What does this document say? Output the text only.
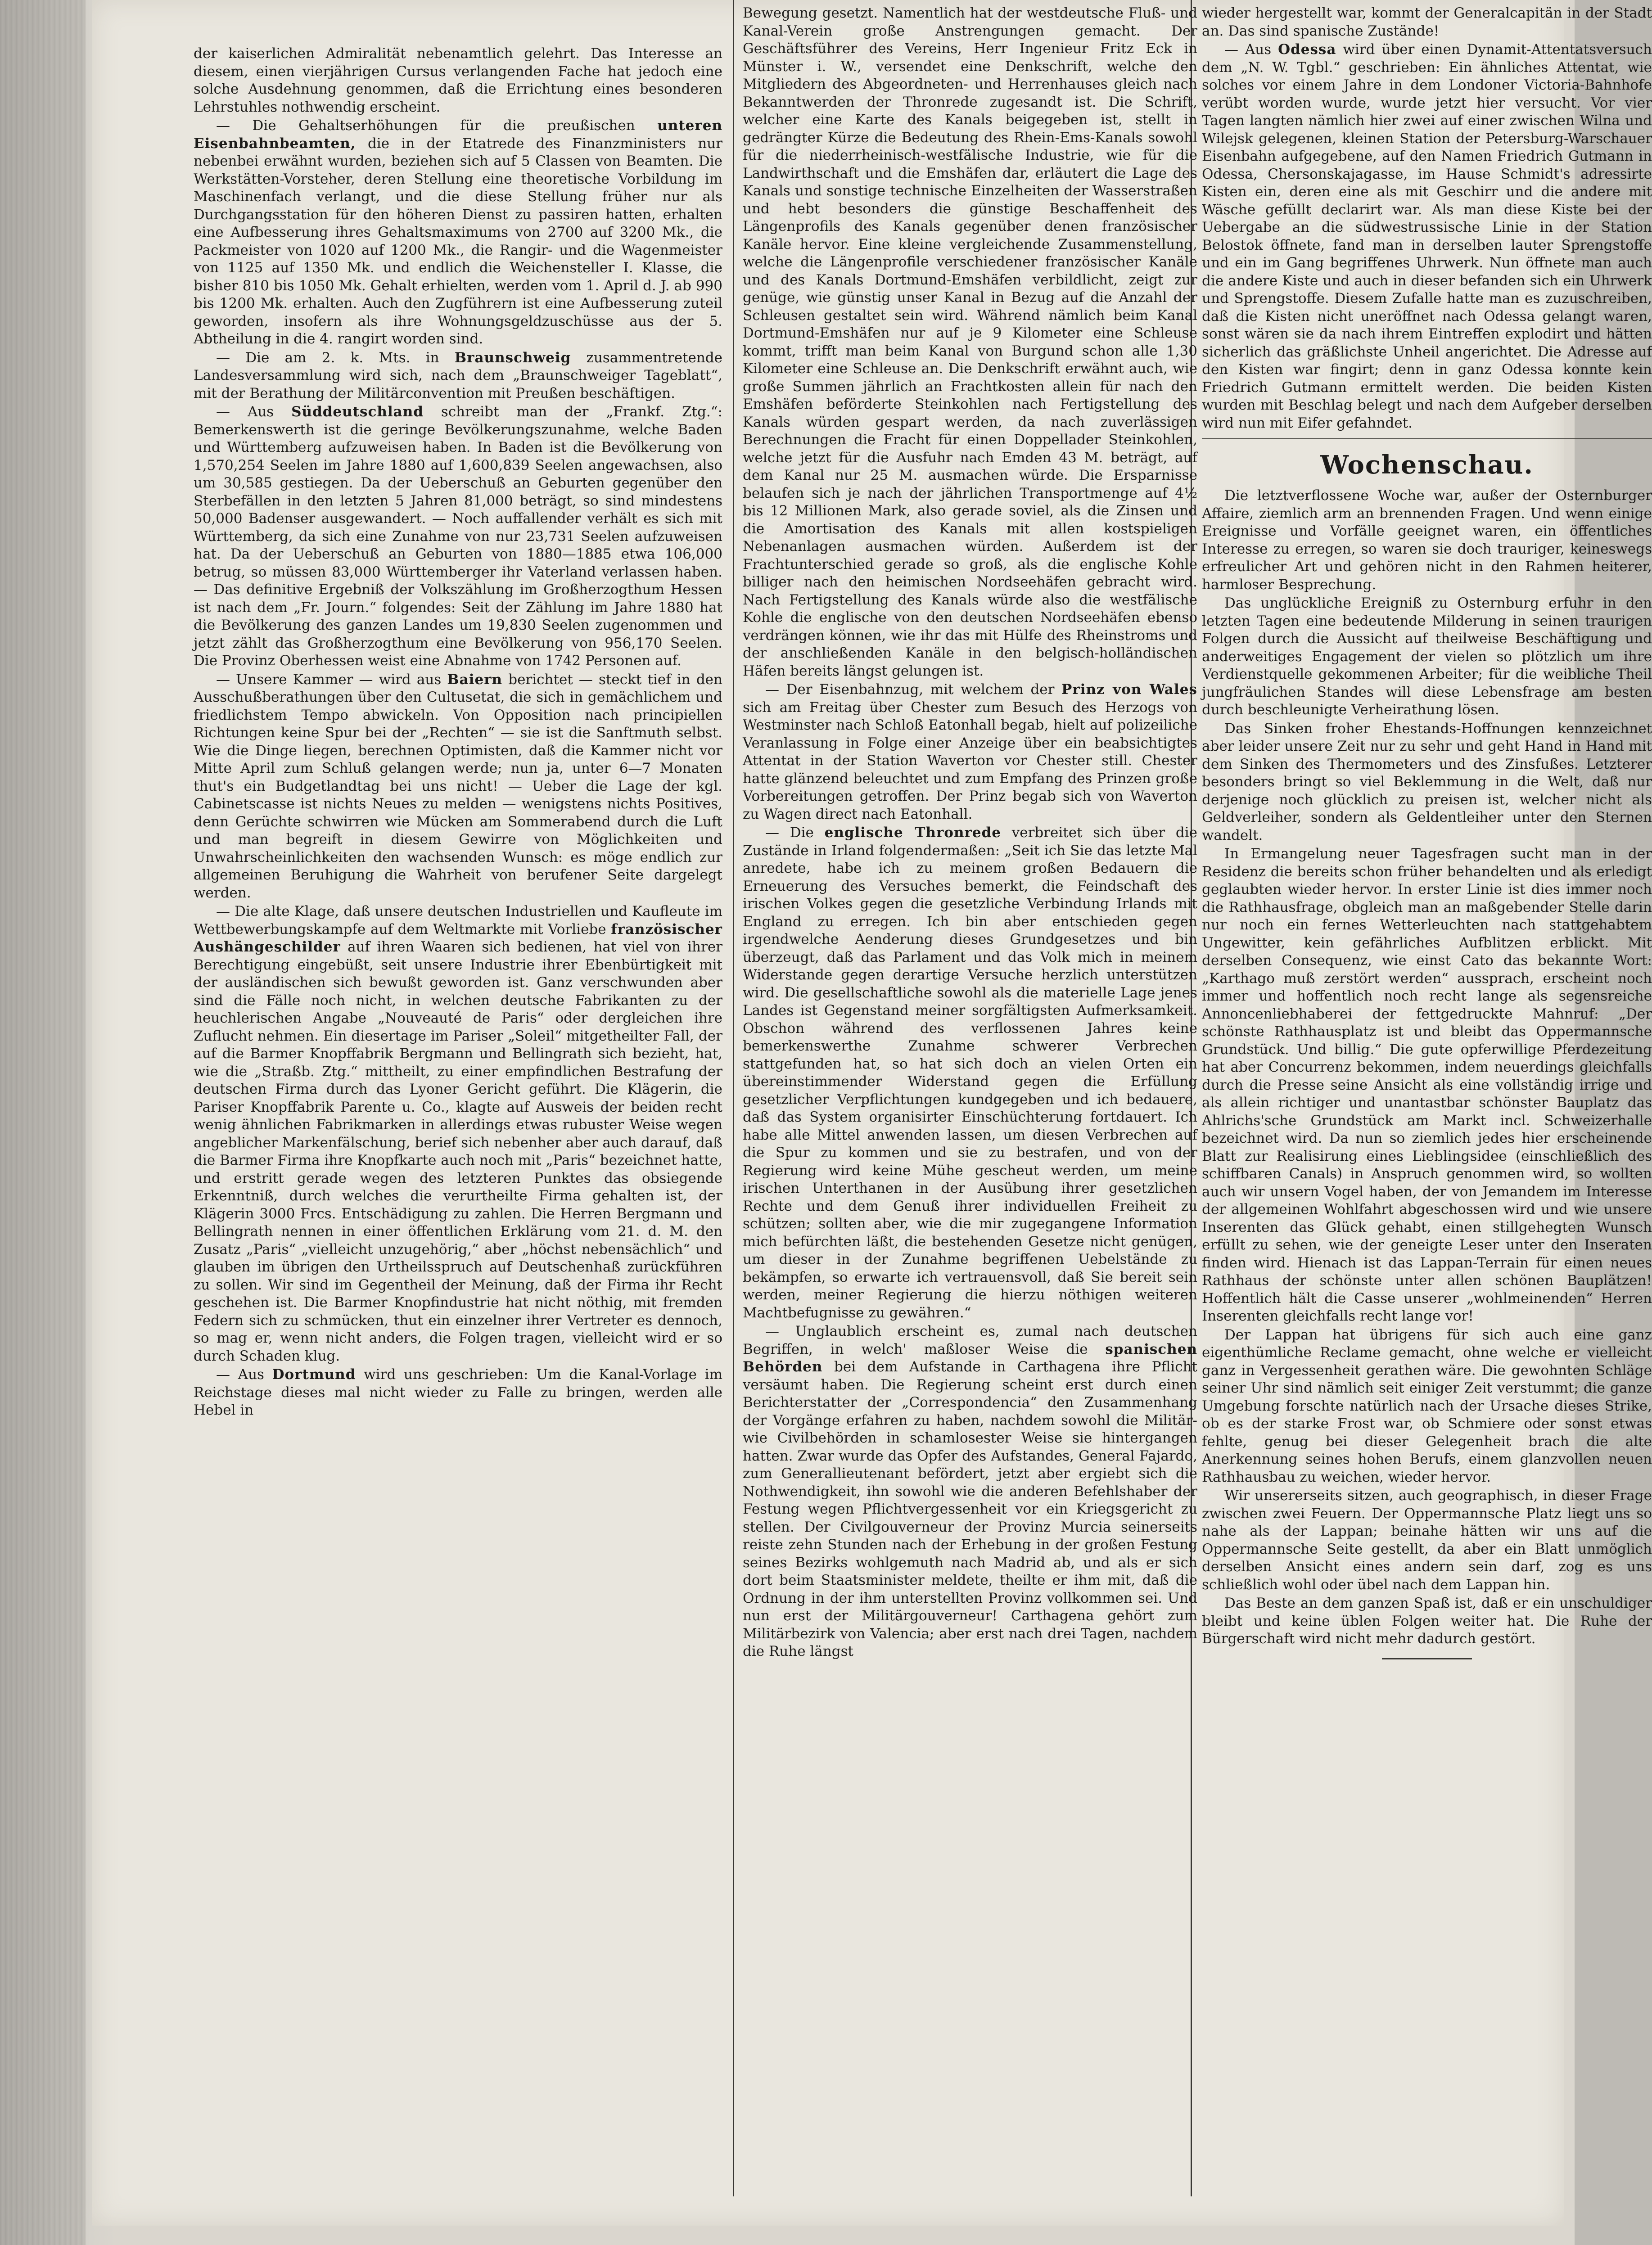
der kaiserlichen Admiralität nebenamtlich gelehrt. Das Interesse an diesem, einen vierjährigen Cursus verlangenden Fache hat jedoch eine solche Ausdehnung genommen, daß die Errichtung eines besonderen Lehrstuhles nothwendig erscheint.

— Die Gehaltserhöhungen für die preußischen unteren Eisenbahnbeamten, die in der Etatrede des Finanzministers nur nebenbei erwähnt wurden, beziehen sich auf 5 Classen von Beamten. Die Werkstätten-Vorsteher, deren Stellung eine theoretische Vorbildung im Maschinenfach verlangt, und die diese Stellung früher nur als Durchgangsstation für den höheren Dienst zu passiren hatten, erhalten eine Aufbesserung ihres Gehaltsmaximums von 2700 auf 3200 Mk., die Packmeister von 1020 auf 1200 Mk., die Rangir- und die Wagenmeister von 1125 auf 1350 Mk. und endlich die Weichensteller I. Klasse, die bisher 810 bis 1050 Mk. Gehalt erhielten, werden vom 1. April d. J. ab 990 bis 1200 Mk. erhalten. Auch den Zugführern ist eine Aufbesserung zuteil geworden, insofern als ihre Wohnungsgeldzuschüsse aus der 5. Abtheilung in die 4. rangirt worden sind.

— Die am 2. k. Mts. in Braunschweig zusammentretende Landesversammlung wird sich, nach dem „Braunschweiger Tageblatt“, mit der Berathung der Militärconvention mit Preußen beschäftigen.

— Aus Süddeutschland schreibt man der „Frankf. Ztg.“: Bemerkenswerth ist die geringe Bevölkerungszunahme, welche Baden und Württemberg aufzuweisen haben. In Baden ist die Bevölkerung von 1,570,254 Seelen im Jahre 1880 auf 1,600,839 Seelen angewachsen, also um 30,585 gestiegen. Da der Ueberschuß an Geburten gegenüber den Sterbefällen in den letzten 5 Jahren 81,000 beträgt, so sind mindestens 50,000 Badenser ausgewandert. — Noch auffallender verhält es sich mit Württemberg, da sich eine Zunahme von nur 23,731 Seelen aufzuweisen hat. Da der Ueberschuß an Geburten von 1880—1885 etwa 106,000 betrug, so müssen 83,000 Württemberger ihr Vaterland verlassen haben. — Das definitive Ergebniß der Volkszählung im Großherzogthum Hessen ist nach dem „Fr. Journ.“ folgendes: Seit der Zählung im Jahre 1880 hat die Bevölkerung des ganzen Landes um 19,830 Seelen zugenommen und jetzt zählt das Großherzogthum eine Bevölkerung von 956,170 Seelen. Die Provinz Oberhessen weist eine Abnahme von 1742 Personen auf.

— Unsere Kammer — wird aus Baiern berichtet — steckt tief in den Ausschußberathungen über den Cultusetat, die sich in gemächlichem und friedlichstem Tempo abwickeln. Von Opposition nach principiellen Richtungen keine Spur bei der „Rechten“ — sie ist die Sanftmuth selbst. Wie die Dinge liegen, berechnen Optimisten, daß die Kammer nicht vor Mitte April zum Schluß gelangen werde; nun ja, unter 6—7 Monaten thut's ein Budgetlandtag bei uns nicht! — Ueber die Lage der kgl. Cabinetscasse ist nichts Neues zu melden — wenigstens nichts Positives, denn Gerüchte schwirren wie Mücken am Sommerabend durch die Luft und man begreift in diesem Gewirre von Möglichkeiten und Unwahrscheinlichkeiten den wachsenden Wunsch: es möge endlich zur allgemeinen Beruhigung die Wahrheit von berufener Seite dargelegt werden.

— Die alte Klage, daß unsere deutschen Industriellen und Kaufleute im Wettbewerbungskampfe auf dem Weltmarkte mit Vorliebe französischer Aushängeschilder auf ihren Waaren sich bedienen, hat viel von ihrer Berechtigung eingebüßt, seit unsere Industrie ihrer Ebenbürtigkeit mit der ausländischen sich bewußt geworden ist. Ganz verschwunden aber sind die Fälle noch nicht, in welchen deutsche Fabrikanten zu der heuchlerischen Angabe „Nouveauté de Paris“ oder dergleichen ihre Zuflucht nehmen. Ein diesertage im Pariser „Soleil“ mitgetheilter Fall, der auf die Barmer Knopffabrik Bergmann und Bellingrath sich bezieht, hat, wie die „Straßb. Ztg.“ mittheilt, zu einer empfindlichen Bestrafung der deutschen Firma durch das Lyoner Gericht geführt. Die Klägerin, die Pariser Knopffabrik Parente u. Co., klagte auf Ausweis der beiden recht wenig ähnlichen Fabrikmarken in allerdings etwas rubuster Weise wegen angeblicher Markenfälschung, berief sich nebenher aber auch darauf, daß die Barmer Firma ihre Knopfkarte auch noch mit „Paris“ bezeichnet hatte, und erstritt gerade wegen des letzteren Punktes das obsiegende Erkenntniß, durch welches die verurtheilte Firma gehalten ist, der Klägerin 3000 Frcs. Entschädigung zu zahlen. Die Herren Bergmann und Bellingrath nennen in einer öffentlichen Erklärung vom 21. d. M. den Zusatz „Paris“ „vielleicht unzugehörig,“ aber „höchst nebensächlich“ und glauben im übrigen den Urtheilsspruch auf Deutschenhaß zurückführen zu sollen. Wir sind im Gegentheil der Meinung, daß der Firma ihr Recht geschehen ist. Die Barmer Knopfindustrie hat nicht nöthig, mit fremden Federn sich zu schmücken, thut ein einzelner ihrer Vertreter es dennoch, so mag er, wenn nicht anders, die Folgen tragen, vielleicht wird er so durch Schaden klug.

— Aus Dortmund wird uns geschrieben: Um die Kanal-Vorlage im Reichstage dieses mal nicht wieder zu Falle zu bringen, werden alle Hebel in

Bewegung gesetzt. Namentlich hat der westdeutsche Fluß- und Kanal-Verein große Anstrengungen gemacht. Der Geschäftsführer des Vereins, Herr Ingenieur Fritz Eck in Münster i. W., versendet eine Denkschrift, welche den Mitgliedern des Abgeordneten- und Herrenhauses gleich nach Bekanntwerden der Thronrede zugesandt ist. Die Schrift, welcher eine Karte des Kanals beigegeben ist, stellt in gedrängter Kürze die Bedeutung des Rhein-Ems-Kanals sowohl für die niederrheinisch-westfälische Industrie, wie für die Landwirthschaft und die Emshäfen dar, erläutert die Lage des Kanals und sonstige technische Einzelheiten der Wasserstraßen und hebt besonders die günstige Beschaffenheit des Längenprofils des Kanals gegenüber denen französischer Kanäle hervor. Eine kleine vergleichende Zusammenstellung, welche die Längenprofile verschiedener französischer Kanäle und des Kanals Dortmund-Emshäfen verbildlicht, zeigt zur genüge, wie günstig unser Kanal in Bezug auf die Anzahl der Schleusen gestaltet sein wird. Während nämlich beim Kanal Dortmund-Emshäfen nur auf je 9 Kilometer eine Schleuse kommt, trifft man beim Kanal von Burgund schon alle 1,30 Kilometer eine Schleuse an. Die Denkschrift erwähnt auch, wie große Summen jährlich an Frachtkosten allein für nach den Emshäfen beförderte Steinkohlen nach Fertigstellung des Kanals würden gespart werden, da nach zuverlässigen Berechnungen die Fracht für einen Doppellader Steinkohlen, welche jetzt für die Ausfuhr nach Emden 43 M. beträgt, auf dem Kanal nur 25 M. ausmachen würde. Die Ersparnisse belaufen sich je nach der jährlichen Transportmenge auf 4½ bis 12 Millionen Mark, also gerade soviel, als die Zinsen und die Amortisation des Kanals mit allen kostspieligen Nebenanlagen ausmachen würden. Außerdem ist der Frachtunterschied gerade so groß, als die englische Kohle billiger nach den heimischen Nordseehäfen gebracht wird. Nach Fertigstellung des Kanals würde also die westfälische Kohle die englische von den deutschen Nordseehäfen ebenso verdrängen können, wie ihr das mit Hülfe des Rheinstroms und der anschließenden Kanäle in den belgisch-holländischen Häfen bereits längst gelungen ist.

— Der Eisenbahnzug, mit welchem der Prinz von Wales sich am Freitag über Chester zum Besuch des Herzogs von Westminster nach Schloß Eatonhall begab, hielt auf polizeiliche Veranlassung in Folge einer Anzeige über ein beabsichtigtes Attentat in der Station Waverton vor Chester still. Chester hatte glänzend beleuchtet und zum Empfang des Prinzen große Vorbereitungen getroffen. Der Prinz begab sich von Waverton zu Wagen direct nach Eatonhall.

— Die englische Thronrede verbreitet sich über die Zustände in Irland folgendermaßen: „Seit ich Sie das letzte Mal anredete, habe ich zu meinem großen Bedauern die Erneuerung des Versuches bemerkt, die Feindschaft des irischen Volkes gegen die gesetzliche Verbindung Irlands mit England zu erregen. Ich bin aber entschieden gegen irgendwelche Aenderung dieses Grundgesetzes und bin überzeugt, daß das Parlament und das Volk mich in meinem Widerstande gegen derartige Versuche herzlich unterstützen wird. Die gesellschaftliche sowohl als die materielle Lage jenes Landes ist Gegenstand meiner sorgfältigsten Aufmerksamkeit. Obschon während des verflossenen Jahres keine bemerkenswerthe Zunahme schwerer Verbrechen stattgefunden hat, so hat sich doch an vielen Orten ein übereinstimmender Widerstand gegen die Erfüllung gesetzlicher Verpflichtungen kundgegeben und ich bedauere, daß das System organisirter Einschüchterung fortdauert. Ich habe alle Mittel anwenden lassen, um diesen Verbrechen auf die Spur zu kommen und sie zu bestrafen, und von der Regierung wird keine Mühe gescheut werden, um meine irischen Unterthanen in der Ausübung ihrer gesetzlichen Rechte und dem Genuß ihrer individuellen Freiheit zu schützen; sollten aber, wie die mir zugegangene Information mich befürchten läßt, die bestehenden Gesetze nicht genügen, um dieser in der Zunahme begriffenen Uebelstände zu bekämpfen, so erwarte ich vertrauensvoll, daß Sie bereit sein werden, meiner Regierung die hierzu nöthigen weiteren Machtbefugnisse zu gewähren.“

— Unglaublich erscheint es, zumal nach deutschen Begriffen, in welch' maßloser Weise die spanischen Behörden bei dem Aufstande in Carthagena ihre Pflicht versäumt haben. Die Regierung scheint erst durch einen Berichterstatter der „Correspondencia“ den Zusammenhang der Vorgänge erfahren zu haben, nachdem sowohl die Militär- wie Civilbehörden in schamlosester Weise sie hintergangen hatten. Zwar wurde das Opfer des Aufstandes, General Fajardo, zum Generallieutenant befördert, jetzt aber ergiebt sich die Nothwendigkeit, ihn sowohl wie die anderen Befehlshaber der Festung wegen Pflichtvergessenheit vor ein Kriegsgericht zu stellen. Der Civilgouverneur der Provinz Murcia seinerseits reiste zehn Stunden nach der Erhebung in der großen Festung seines Bezirks wohlgemuth nach Madrid ab, und als er sich dort beim Staatsminister meldete, theilte er ihm mit, daß die Ordnung in der ihm unterstellten Provinz vollkommen sei. Und nun erst der Militärgouverneur! Carthagena gehört zum Militärbezirk von Valencia; aber erst nach drei Tagen, nachdem die Ruhe längst

wieder hergestellt war, kommt der Generalcapitän in der Stadt an. Das sind spanische Zustände!

— Aus Odessa wird über einen Dynamit-Attentatsversuch dem „N. W. Tgbl.“ geschrieben: Ein ähnliches Attentat, wie solches vor einem Jahre in dem Londoner Victoria-Bahnhofe verübt worden wurde, wurde jetzt hier versucht. Vor vier Tagen langten nämlich hier zwei auf einer zwischen Wilna und Wilejsk gelegenen, kleinen Station der Petersburg-Warschauer Eisenbahn aufgegebene, auf den Namen Friedrich Gutmann in Odessa, Chersonskajagasse, im Hause Schmidt's adressirte Kisten ein, deren eine als mit Geschirr und die andere mit Wäsche gefüllt declarirt war. Als man diese Kiste bei der Uebergabe an die südwestrussische Linie in der Station Belostok öffnete, fand man in derselben lauter Sprengstoffe und ein im Gang begriffenes Uhrwerk. Nun öffnete man auch die andere Kiste und auch in dieser befanden sich ein Uhrwerk und Sprengstoffe. Diesem Zufalle hatte man es zuzuschreiben, daß die Kisten nicht uneröffnet nach Odessa gelangt waren, sonst wären sie da nach ihrem Eintreffen explodirt und hätten sicherlich das gräßlichste Unheil angerichtet. Die Adresse auf den Kisten war fingirt; denn in ganz Odessa konnte kein Friedrich Gutmann ermittelt werden. Die beiden Kisten wurden mit Beschlag belegt und nach dem Aufgeber derselben wird nun mit Eifer gefahndet.

Wochenschau.

Die letztverflossene Woche war, außer der Osternburger Affaire, ziemlich arm an brennenden Fragen. Und wenn einige Ereignisse und Vorfälle geeignet waren, ein öffentliches Interesse zu erregen, so waren sie doch trauriger, keineswegs erfreulicher Art und gehören nicht in den Rahmen heiterer, harmloser Besprechung.

Das unglückliche Ereigniß zu Osternburg erfuhr in den letzten Tagen eine bedeutende Milderung in seinen traurigen Folgen durch die Aussicht auf theilweise Beschäftigung und anderweitiges Engagement der vielen so plötzlich um ihre Verdienstquelle gekommenen Arbeiter; für die weibliche Theil jungfräulichen Standes will diese Lebensfrage am besten durch beschleunigte Verheirathung lösen.

Das Sinken froher Ehestands-Hoffnungen kennzeichnet aber leider unsere Zeit nur zu sehr und geht Hand in Hand mit dem Sinken des Thermometers und des Zinsfußes. Letzterer besonders bringt so viel Beklemmung in die Welt, daß nur derjenige noch glücklich zu preisen ist, welcher nicht als Geldverleiher, sondern als Geldentleiher unter den Sternen wandelt.

In Ermangelung neuer Tagesfragen sucht man in der Residenz die bereits schon früher behandelten und als erledigt geglaubten wieder hervor. In erster Linie ist dies immer noch die Rathhausfrage, obgleich man an maßgebender Stelle darin nur noch ein fernes Wetterleuchten nach stattgehabtem Ungewitter, kein gefährliches Aufblitzen erblickt. Mit derselben Consequenz, wie einst Cato das bekannte Wort: „Karthago muß zerstört werden“ aussprach, erscheint noch immer und hoffentlich noch recht lange als segensreiche Annoncenliebhaberei der fettgedruckte Mahnruf: „Der schönste Rathhausplatz ist und bleibt das Oppermannsche Grundstück. Und billig.“ Die gute opferwillige Pferdezeitung hat aber Concurrenz bekommen, indem neuerdings gleichfalls durch die Presse seine Ansicht als eine vollständig irrige und als allein richtiger und unantastbar schönster Bauplatz das Ahlrichs'sche Grundstück am Markt incl. Schweizerhalle bezeichnet wird. Da nun so ziemlich jedes hier erscheinende Blatt zur Realisirung eines Lieblingsidee (einschließlich des schiffbaren Canals) in Anspruch genommen wird, so wollten auch wir unsern Vogel haben, der von Jemandem im Interesse der allgemeinen Wohlfahrt abgeschossen wird und wie unsere Inserenten das Glück gehabt, einen stillgehegten Wunsch erfüllt zu sehen, wie der geneigte Leser unter den Inseraten finden wird. Hienach ist das Lappan-Terrain für einen neues Rathhaus der schönste unter allen schönen Bauplätzen! Hoffentlich hält die Casse unserer „wohlmeinenden“ Herren Inserenten gleichfalls recht lange vor!

Der Lappan hat übrigens für sich auch eine ganz eigenthümliche Reclame gemacht, ohne welche er vielleicht ganz in Vergessenheit gerathen wäre. Die gewohnten Schläge seiner Uhr sind nämlich seit einiger Zeit verstummt; die ganze Umgebung forschte natürlich nach der Ursache dieses Strike, ob es der starke Frost war, ob Schmiere oder sonst etwas fehlte, genug bei dieser Gelegenheit brach die alte Anerkennung seines hohen Berufs, einem glanzvollen neuen Rathhausbau zu weichen, wieder hervor.

Wir unsererseits sitzen, auch geographisch, in dieser Frage zwischen zwei Feuern. Der Oppermannsche Platz liegt uns so nahe als der Lappan; beinahe hätten wir uns auf die Oppermannsche Seite gestellt, da aber ein Blatt unmöglich derselben Ansicht eines andern sein darf, zog es uns schließlich wohl oder übel nach dem Lappan hin.

Das Beste an dem ganzen Spaß ist, daß er ein unschuldiger bleibt und keine üblen Folgen weiter hat. Die Ruhe der Bürgerschaft wird nicht mehr dadurch gestört.
